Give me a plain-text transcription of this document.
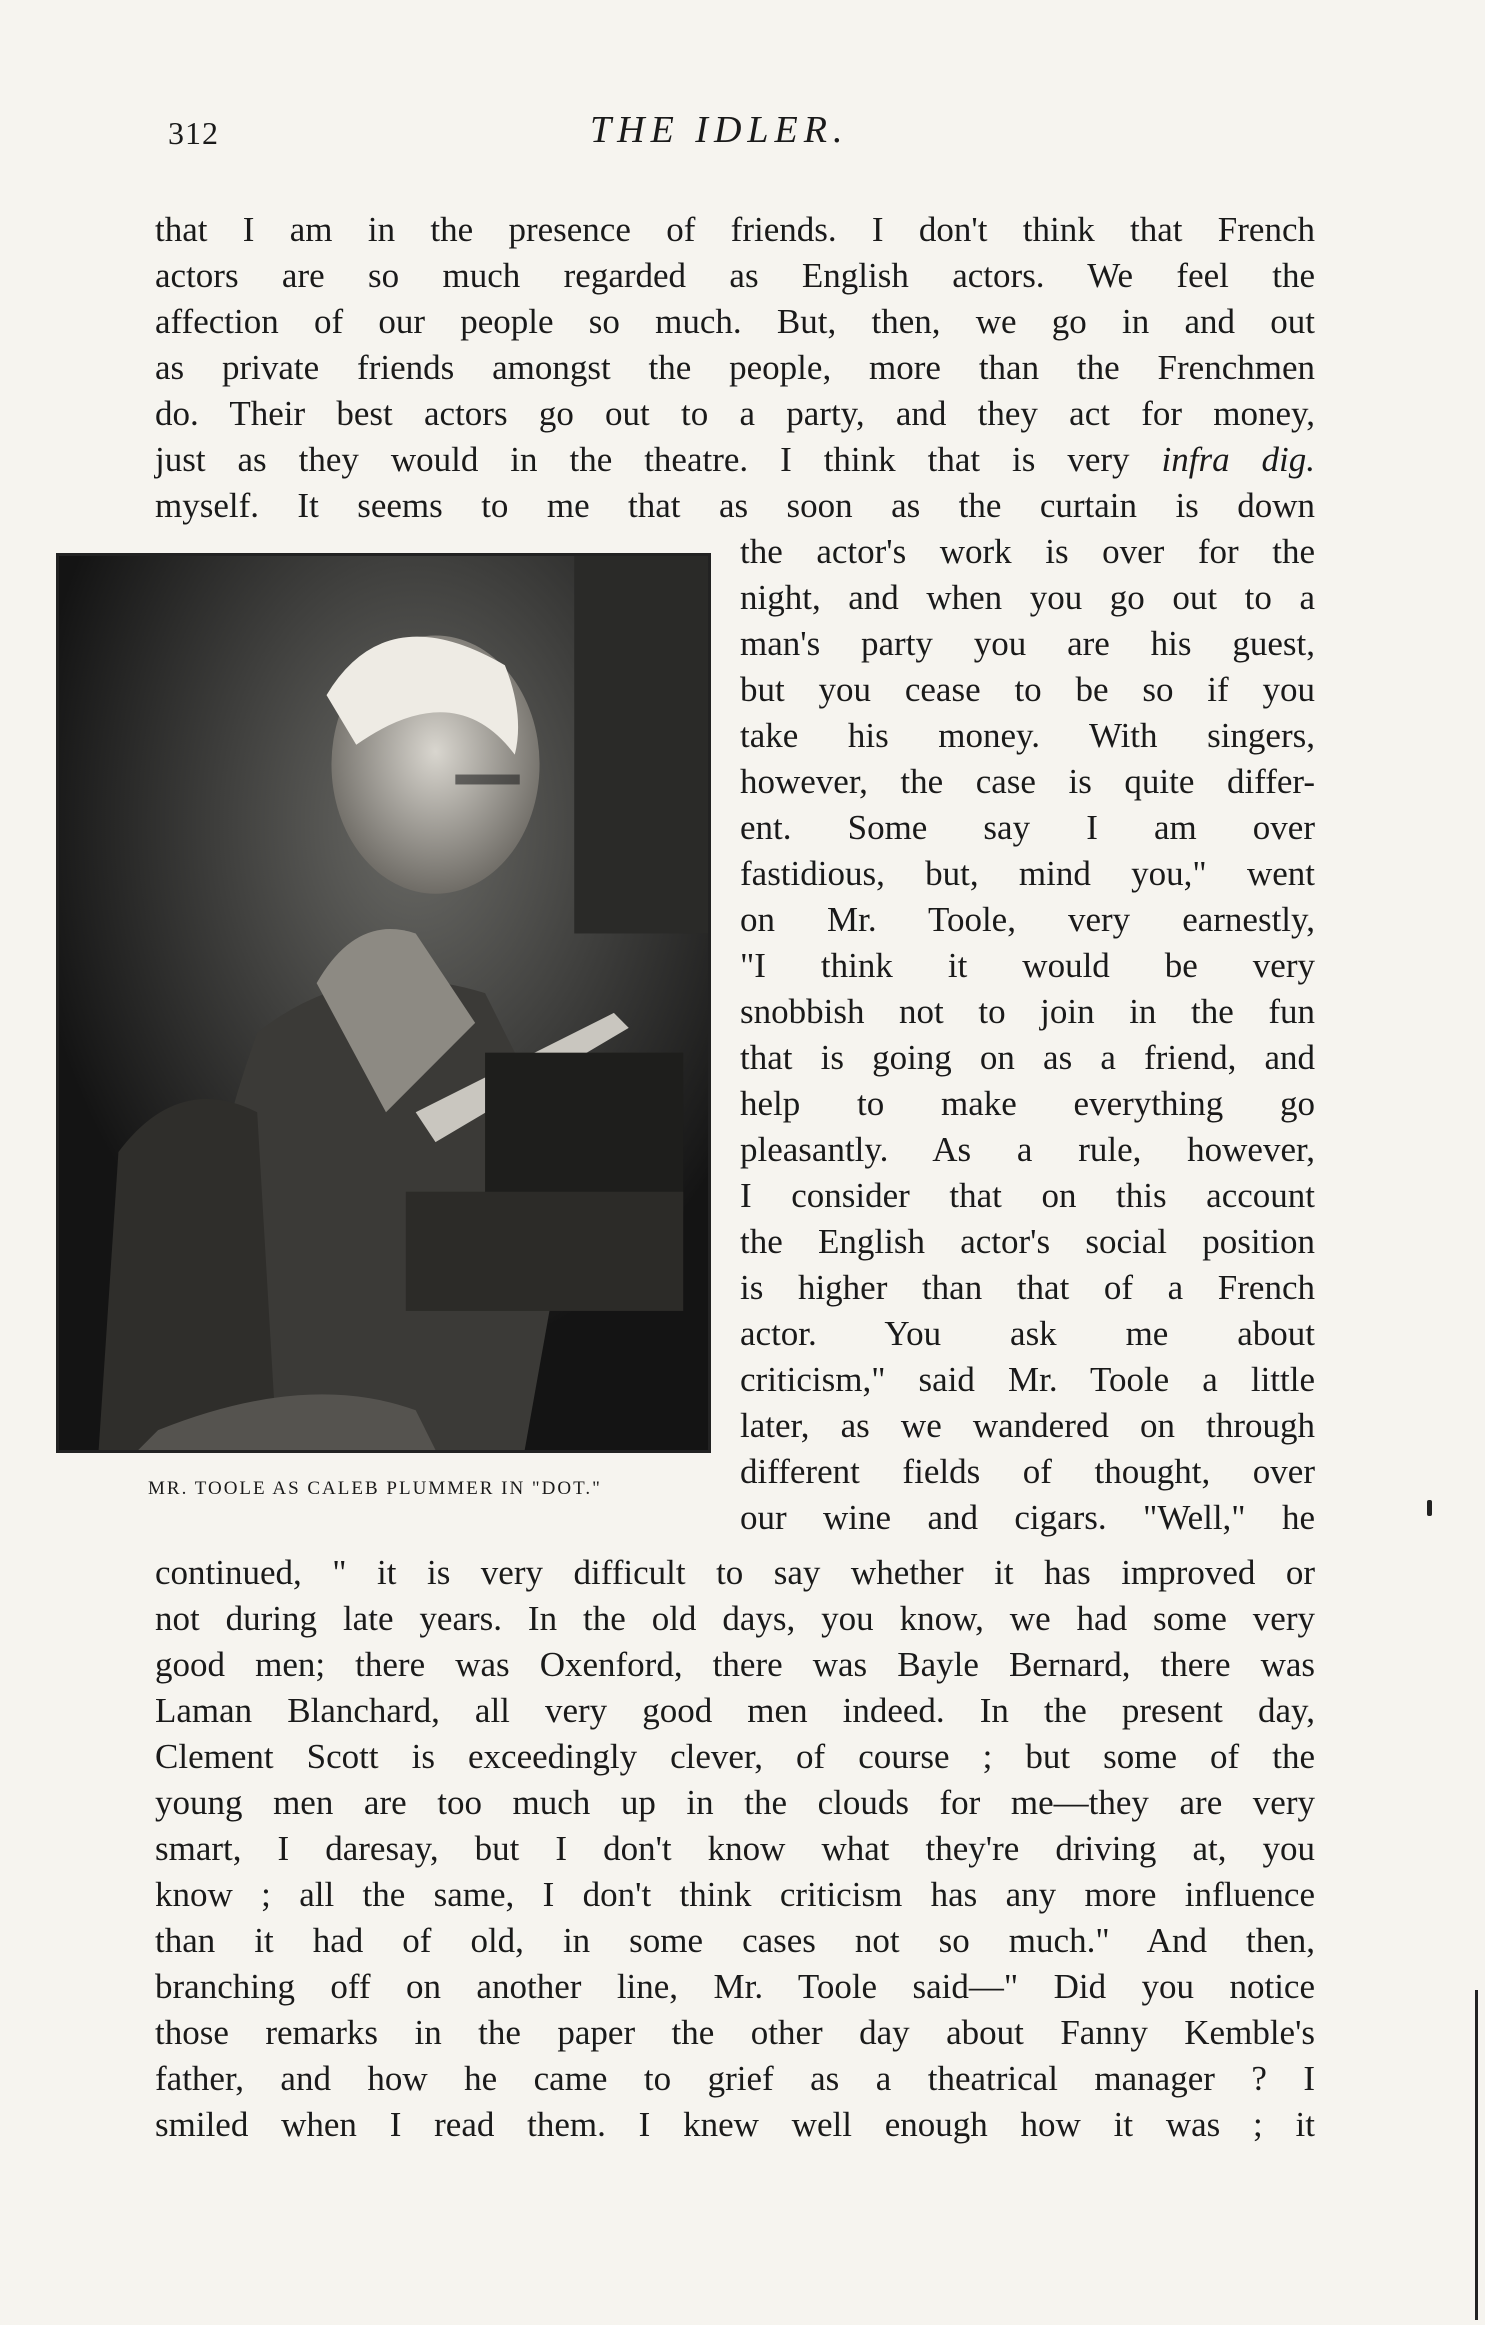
312	THE IDLER.
that I am in the presence of friends. I don't think that French
actors are so much regarded as English actors. We feel the
affection of our people so much. But, then, we go in and out
as private friends amongst the people, more than the Frenchmen
do. Their best actors go out to a party, and they act for money,
just as they would in the theatre. I think that is very infra dig.
myself. It seems to me that as soon as the curtain is down
MR. TOOLE AS CALEB PLUMMER IN "DOT."
the actor's work is over for the
night, and when you go out to a
man's party you are his guest,
but you cease to be so if you
take his money. With singers,
however, the case is quite differ-
ent. Some say I am over
fastidious, but, mind you," went
on Mr. Toole, very earnestly,
"I think it would be very
snobbish not to join in the fun
that is going on as a friend, and
help to make everything go
pleasantly. As a rule, however,
I consider that on this account
the English actor's social position
is higher than that of a French
actor. You ask me about
criticism," said Mr. Toole a little
later, as we wandered on through
different fields of thought, over
our wine and cigars. "Well," he
continued, " it is very difficult to say whether it has improved or
not during late years. In the old days, you know, we had some very
good men; there was Oxenford, there was Bayle Bernard, there was
Laman Blanchard, all very good men indeed. In the present day,
Clement Scott is exceedingly clever, of course ; but some of the
young men are too much up in the clouds for me—they are very
smart, I daresay, but I don't know what they're driving at, you
know ; all the same, I don't think criticism has any more influence
than it had of old, in some cases not so much." And then,
branching off on another line, Mr. Toole said—" Did you notice
those remarks in the paper the other day about Fanny Kemble's
father, and how he came to grief as a theatrical manager ? I
smiled when I read them. I knew well enough how it was ; it
